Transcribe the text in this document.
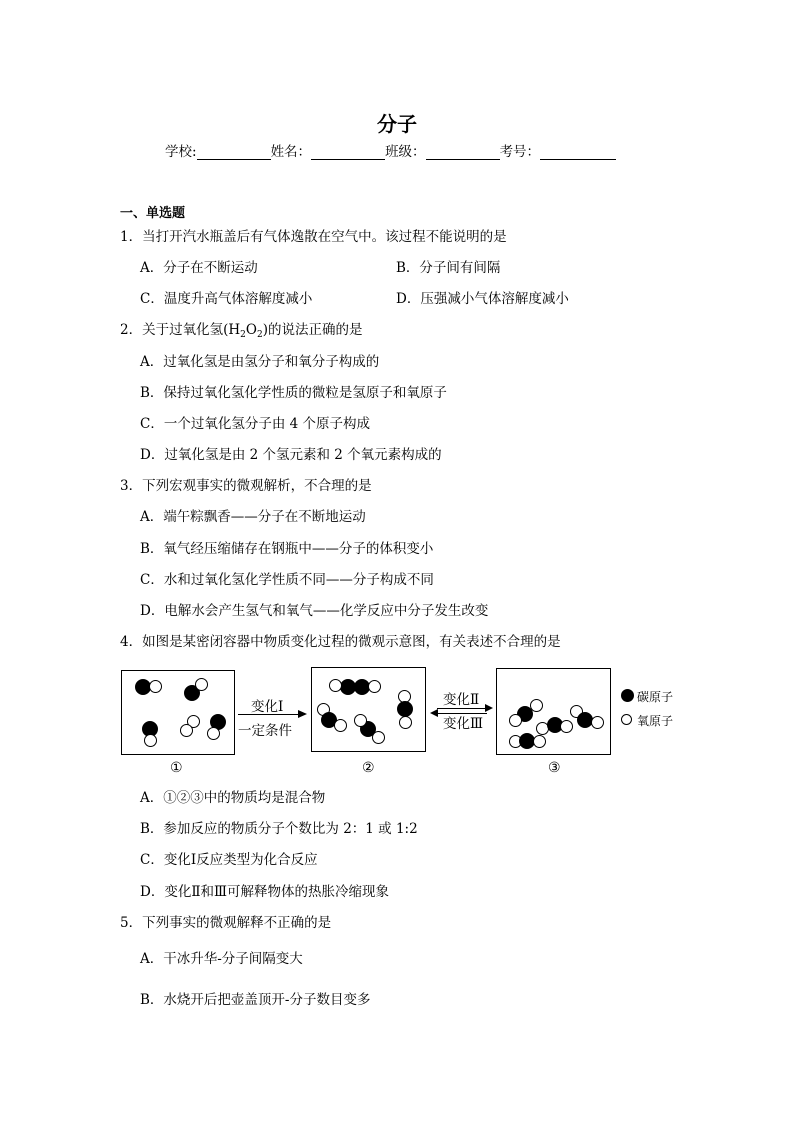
分子
学校:	姓名：	班级：	考号：
一、单选题
1．当打开汽水瓶盖后有气体逸散在空气中。该过程不能说明的是
A．分子在不断运动	B．分子间有间隔
C．温度升高气体溶解度减小	D．压强减小气体溶解度减小
2．关于过氧化氢$(H_2O_2)$的说法正确的是
A．过氧化氢是由氢分子和氧分子构成的
B．保持过氧化氢化学性质的微粒是氢原子和氧原子
C．一个过氧化氢分子由 4 个原子构成
D．过氧化氢是由 2 个氢元素和 2 个氧元素构成的
3．下列宏观事实的微观解析，不合理的是
A．端午粽飘香——分子在不断地运动
B．氧气经压缩储存在钢瓶中——分子的体积变小
C．水和过氧化氢化学性质不同——分子构成不同
D．电解水会产生氢气和氧气——化学反应中分子发生改变
4．如图是某密闭容器中物质变化过程的微观示意图，有关表述不合理的是
变化Ⅰ
一定条件
变化Ⅱ
变化Ⅲ
碳原子
氧原子
①	②	③
A．①②③中的物质均是混合物
B．参加反应的物质分子个数比为 2：1 或 1:2
C．变化Ⅰ反应类型为化合反应
D．变化Ⅱ和Ⅲ可解释物体的热胀冷缩现象
5．下列事实的微观解释不正确的是
A．干冰升华-分子间隔变大
B．水烧开后把壶盖顶开-分子数目变多
